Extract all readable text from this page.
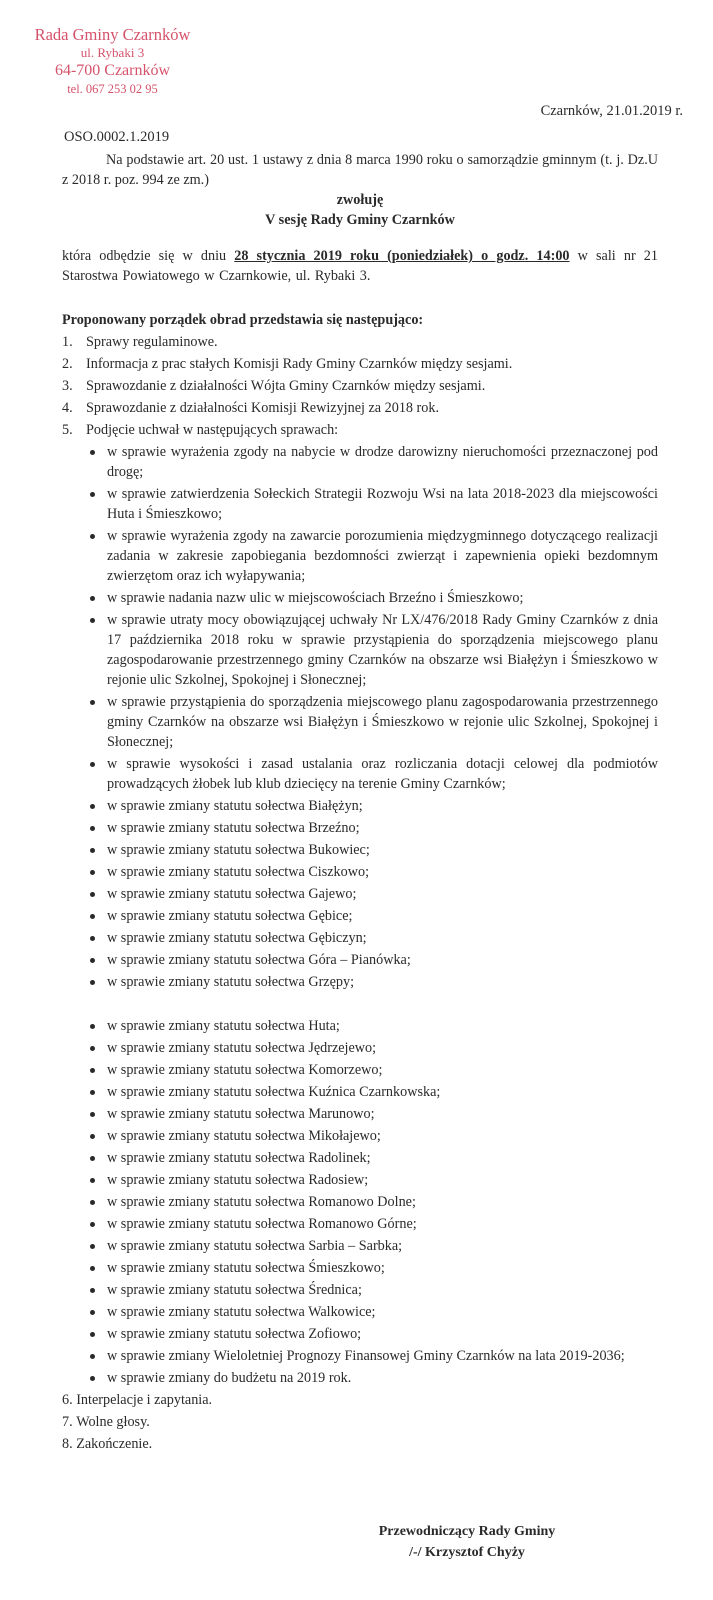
Rada Gminy Czarnków
ul. Rybaki 3
64-700 Czarnków
tel. 067 253 02 95
Czarnków, 21.01.2019 r.
OSO.0002.1.2019

Na podstawie art. 20 ust. 1 ustawy z dnia 8 marca 1990 roku o samorządzie gminnym (t. j. Dz.U z 2018 r. poz. 994 ze zm.)

zwołuję

V sesję Rady Gminy Czarnków

która odbędzie się w dniu 28 stycznia 2019 roku (poniedziałek) o godz. 14:00 w sali nr 21 Starostwa Powiatowego w Czarnkowie, ul. Rybaki 3.

Proponowany porządek obrad przedstawia się następująco:

1. Sprawy regulaminowe.
2. Informacja z prac stałych Komisji Rady Gminy Czarnków między sesjami.
3. Sprawozdanie z działalności Wójta Gminy Czarnków między sesjami.
4. Sprawozdanie z działalności Komisji Rewizyjnej za 2018 rok.
5. Podjęcie uchwał w następujących sprawach:
w sprawie wyrażenia zgody na nabycie w drodze darowizny nieruchomości przeznaczonej pod drogę;
w sprawie zatwierdzenia Sołeckich Strategii Rozwoju Wsi na lata 2018-2023 dla miejscowości Huta i Śmieszkowo;
w sprawie wyrażenia zgody na zawarcie porozumienia międzygminnego dotyczącego realizacji zadania w zakresie zapobiegania bezdomności zwierząt i zapewnienia opieki bezdomnym zwierzętom oraz ich wyłapywania;
w sprawie nadania nazw ulic w miejscowościach Brzeźno i Śmieszkowo;
w sprawie utraty mocy obowiązującej uchwały Nr LX/476/2018 Rady Gminy Czarnków z dnia 17 października 2018 roku w sprawie przystąpienia do sporządzenia miejscowego planu zagospodarowanie przestrzennego gminy Czarnków na obszarze wsi Białężyn i Śmieszkowo w rejonie ulic Szkolnej, Spokojnej i Słonecznej;
w sprawie przystąpienia do sporządzenia miejscowego planu zagospodarowania przestrzennego gminy Czarnków na obszarze wsi Białężyn i Śmieszkowo w rejonie ulic Szkolnej, Spokojnej i Słonecznej;
w sprawie wysokości i zasad ustalania oraz rozliczania dotacji celowej dla podmiotów prowadzących żłobek lub klub dziecięcy na terenie Gminy Czarnków;
w sprawie zmiany statutu sołectwa Białężyn;
w sprawie zmiany statutu sołectwa Brzeźno;
w sprawie zmiany statutu sołectwa Bukowiec;
w sprawie zmiany statutu sołectwa Ciszkowo;
w sprawie zmiany statutu sołectwa Gajewo;
w sprawie zmiany statutu sołectwa Gębice;
w sprawie zmiany statutu sołectwa Gębiczyn;
w sprawie zmiany statutu sołectwa Góra – Pianówka;
w sprawie zmiany statutu sołectwa Grzępy;
w sprawie zmiany statutu sołectwa Huta;
w sprawie zmiany statutu sołectwa Jędrzejewo;
w sprawie zmiany statutu sołectwa Komorzewo;
w sprawie zmiany statutu sołectwa Kuźnica Czarnkowska;
w sprawie zmiany statutu sołectwa Marunowo;
w sprawie zmiany statutu sołectwa Mikołajewo;
w sprawie zmiany statutu sołectwa Radolinek;
w sprawie zmiany statutu sołectwa Radosiew;
w sprawie zmiany statutu sołectwa Romanowo Dolne;
w sprawie zmiany statutu sołectwa Romanowo Górne;
w sprawie zmiany statutu sołectwa Sarbia – Sarbka;
w sprawie zmiany statutu sołectwa Śmieszkowo;
w sprawie zmiany statutu sołectwa Średnica;
w sprawie zmiany statutu sołectwa Walkowice;
w sprawie zmiany statutu sołectwa Zofiowo;
w sprawie zmiany Wieloletniej Prognozy Finansowej Gminy Czarnków na lata 2019-2036;
w sprawie zmiany do budżetu na 2019 rok.
6.
Interpelacje i zapytania.
7.
Wolne głosy.
8.
Zakończenie.
Przewodniczący Rady Gminy
/-/ Krzysztof Chyży
